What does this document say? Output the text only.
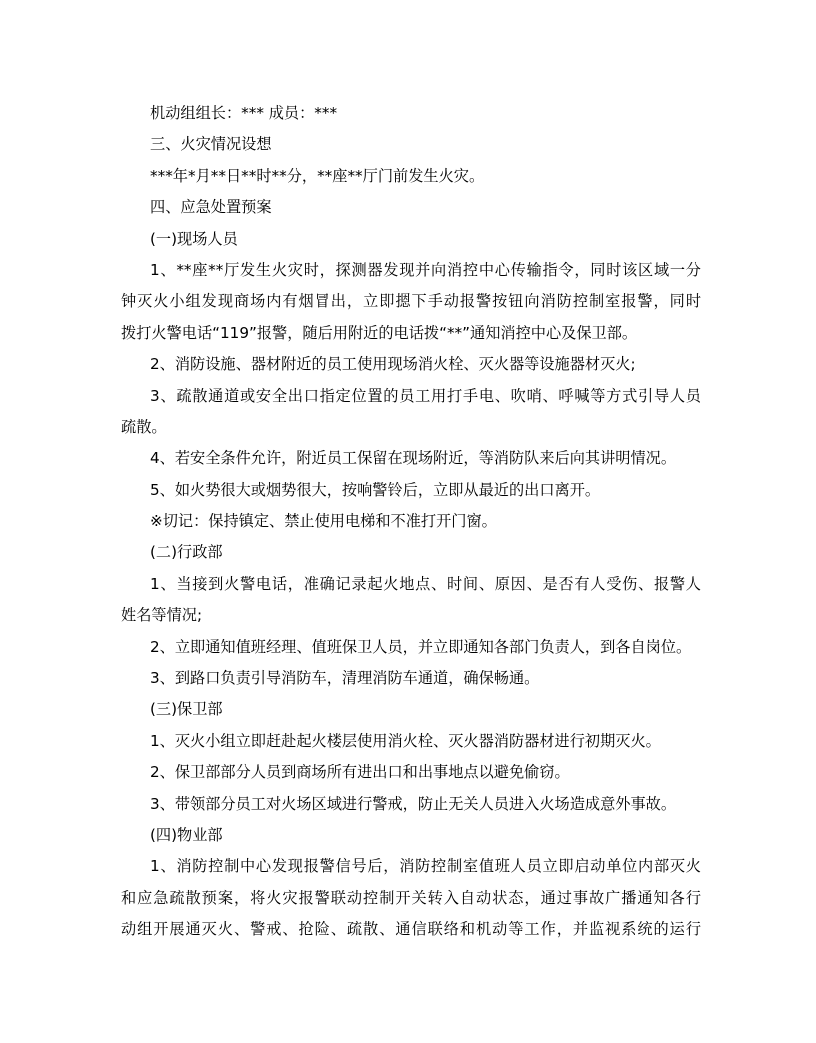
机动组组长：*** 成员：***
三、火灾情况设想
***年*月**日**时**分，**座**厅门前发生火灾。
四、应急处置预案
(一)现场人员
1、**座**厅发生火灾时，探测器发现并向消控中心传输指令，同时该区域一分
钟灭火小组发现商场内有烟冒出，立即摁下手动报警按钮向消防控制室报警，同时
拨打火警电话“119”报警，随后用附近的电话拨“**”通知消控中心及保卫部。
2、消防设施、器材附近的员工使用现场消火栓、灭火器等设施器材灭火;
3、疏散通道或安全出口指定位置的员工用打手电、吹哨、呼喊等方式引导人员
疏散。
4、若安全条件允许，附近员工保留在现场附近，等消防队来后向其讲明情况。
5、如火势很大或烟势很大，按响警铃后，立即从最近的出口离开。
※切记：保持镇定、禁止使用电梯和不准打开门窗。
(二)行政部
1、当接到火警电话，准确记录起火地点、时间、原因、是否有人受伤、报警人
姓名等情况;
2、立即通知值班经理、值班保卫人员，并立即通知各部门负责人，到各自岗位。
3、到路口负责引导消防车，清理消防车通道，确保畅通。
(三)保卫部
1、灭火小组立即赶赴起火楼层使用消火栓、灭火器消防器材进行初期灭火。
2、保卫部部分人员到商场所有进出口和出事地点以避免偷窃。
3、带领部分员工对火场区域进行警戒，防止无关人员进入火场造成意外事故。
(四)物业部
1、消防控制中心发现报警信号后，消防控制室值班人员立即启动单位内部灭火
和应急疏散预案，将火灾报警联动控制开关转入自动状态，通过事故广播通知各行
动组开展通灭火、警戒、抢险、疏散、通信联络和机动等工作，并监视系统的运行
